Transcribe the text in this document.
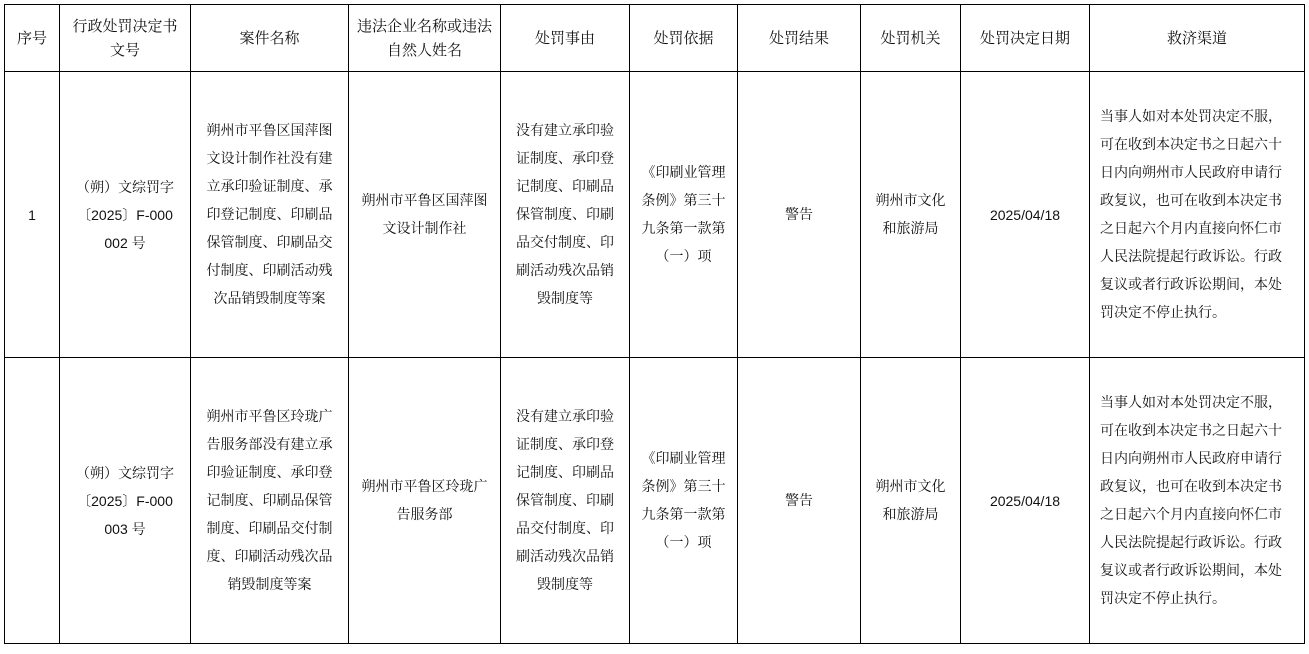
序号	行政处罚决定书文号	案件名称	违法企业名称或违法自然人姓名	处罚事由	处罚依据	处罚结果	处罚机关	处罚决定日期	救济渠道
1	（朔）文综罚字〔2025〕F-000002 号	朔州市平鲁区国萍图文设计制作社没有建立承印验证制度、承印登记制度、印刷品保管制度、印刷品交付制度、印刷活动残次品销毁制度等案	朔州市平鲁区国萍图文设计制作社	没有建立承印验证制度、承印登记制度、印刷品保管制度、印刷品交付制度、印刷活动残次品销毁制度等	《印刷业管理条例》第三十九条第一款第（一）项	警告	朔州市文化和旅游局	2025/04/18	当事人如对本处罚决定不服，可在收到本决定书之日起六十日内向朔州市人民政府申请行政复议，也可在收到本决定书之日起六个月内直接向怀仁市人民法院提起行政诉讼。行政复议或者行政诉讼期间，本处罚决定不停止执行。
	（朔）文综罚字〔2025〕F-000003 号	朔州市平鲁区玲珑广告服务部没有建立承印验证制度、承印登记制度、印刷品保管制度、印刷品交付制度、印刷活动残次品销毁制度等案	朔州市平鲁区玲珑广告服务部	没有建立承印验证制度、承印登记制度、印刷品保管制度、印刷品交付制度、印刷活动残次品销毁制度等	《印刷业管理条例》第三十九条第一款第（一）项	警告	朔州市文化和旅游局	2025/04/18	当事人如对本处罚决定不服，可在收到本决定书之日起六十日内向朔州市人民政府申请行政复议，也可在收到本决定书之日起六个月内直接向怀仁市人民法院提起行政诉讼。行政复议或者行政诉讼期间，本处罚决定不停止执行。
